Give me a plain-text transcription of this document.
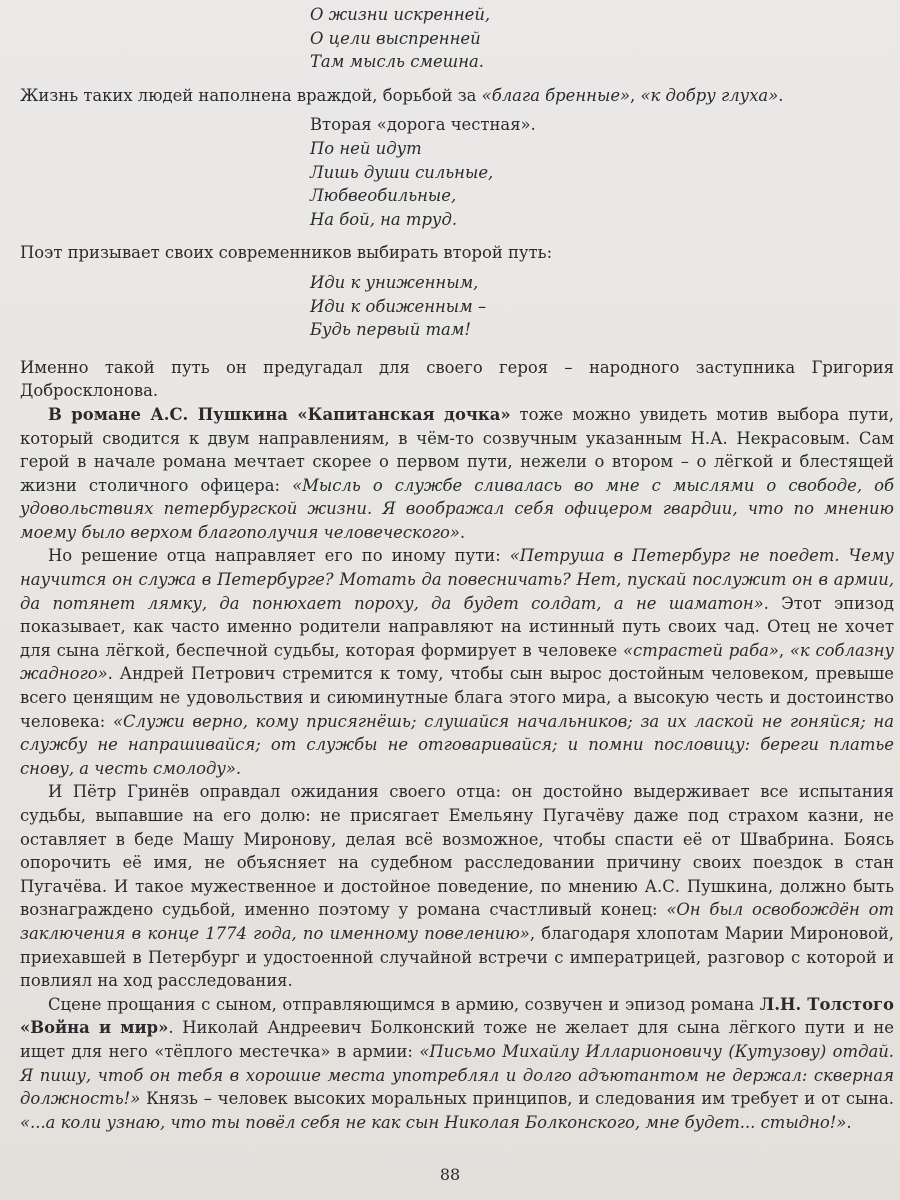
О жизни искренней,
О цели выспренней
Там мысль смешна.

Жизнь таких людей наполнена враждой, борьбой за «блага бренные», «к добру глуха».

Вторая «дорога честная».
По ней идут
Лишь души сильные,
Любвеобильные,
На бой, на труд.

Поэт призывает своих современников выбирать второй путь:

Иди к униженным,
Иди к обиженным –
Будь первый там!

Именно такой путь он предугадал для своего героя – народного заступника Григория Добросклонова.

В романе А.С. Пушкина «Капитанская дочка» тоже можно увидеть мотив выбора пути, который сводится к двум направлениям, в чём-то созвучным указанным Н.А. Некрасовым. Сам герой в начале романа мечтает скорее о первом пути, нежели о втором – о лёгкой и блестящей жизни столичного офицера: «Мысль о службе сливалась во мне с мыслями о свободе, об удовольствиях петербургской жизни. Я воображал себя офицером гвардии, что по мнению моему было верхом благополучия человеческого».

Но решение отца направляет его по иному пути: «Петруша в Петербург не поедет. Чему научится он служа в Петербурге? Мотать да повесничать? Нет, пускай послужит он в армии, да потянет лямку, да понюхает пороху, да будет солдат, а не шаматон». Этот эпизод показывает, как часто именно родители направляют на истинный путь своих чад. Отец не хочет для сына лёгкой, беспечной судьбы, которая формирует в человеке «страстей раба», «к соблазну жадного». Андрей Петрович стремится к тому, чтобы сын вырос достойным человеком, превыше всего ценящим не удовольствия и сиюминутные блага этого мира, а высокую честь и достоинство человека: «Служи верно, кому присягнёшь; слушайся начальников; за их лаской не гоняйся; на службу не напрашивайся; от службы не отговаривайся; и помни пословицу: береги платье снову, а честь смолоду».

И Пётр Гринёв оправдал ожидания своего отца: он достойно выдерживает все испытания судьбы, выпавшие на его долю: не присягает Емельяну Пугачёву даже под страхом казни, не оставляет в беде Машу Миронову, делая всё возможное, чтобы спасти её от Швабрина. Боясь опорочить её имя, не объясняет на судебном расследовании причину своих поездок в стан Пугачёва. И такое мужественное и достойное поведение, по мнению А.С. Пушкина, должно быть вознаграждено судьбой, именно поэтому у романа счастливый конец: «Он был освобождён от заключения в конце 1774 года, по именному повелению», благодаря хлопотам Марии Мироновой, приехавшей в Петербург и удостоенной случайной встречи с императрицей, разговор с которой и повлиял на ход расследования.

Сцене прощания с сыном, отправляющимся в армию, созвучен и эпизод романа Л.Н. Толстого «Война и мир». Николай Андреевич Болконский тоже не желает для сына лёгкого пути и не ищет для него «тёплого местечка» в армии: «Письмо Михайлу Илларионовичу (Кутузову) отдай. Я пишу, чтоб он тебя в хорошие места употреблял и долго адъютантом не держал: скверная должность!» Князь – человек высоких моральных принципов, и следования им требует и от сына. «...а коли узнаю, что ты повёл себя не как сын Николая Болконского, мне будет... стыдно!».

88
